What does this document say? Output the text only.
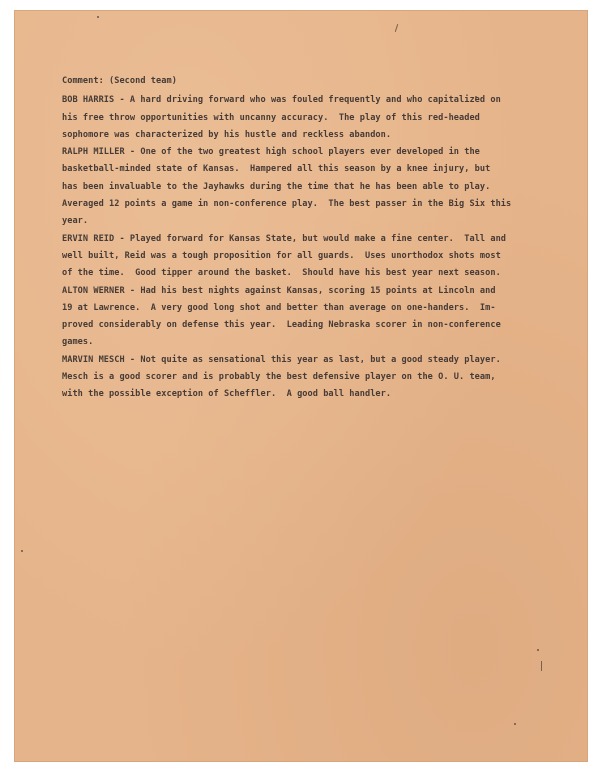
Comment: (Second team)
BOB HARRIS - A hard driving forward who was fouled frequently and who capitalized on
his free throw opportunities with uncanny accuracy.  The play of this red-headed
sophomore was characterized by his hustle and reckless abandon.
RALPH MILLER - One of the two greatest high school players ever developed in the
basketball-minded state of Kansas.  Hampered all this season by a knee injury, but
has been invaluable to the Jayhawks during the time that he has been able to play.
Averaged 12 points a game in non-conference play.  The best passer in the Big Six this
year.
ERVIN REID - Played forward for Kansas State, but would make a fine center.  Tall and
well built, Reid was a tough proposition for all guards.  Uses unorthodox shots most
of the time.  Good tipper around the basket.  Should have his best year next season.
ALTON WERNER - Had his best nights against Kansas, scoring 15 points at Lincoln and
19 at Lawrence.  A very good long shot and better than average on one-handers.  Im-
proved considerably on defense this year.  Leading Nebraska scorer in non-conference
games.
MARVIN MESCH - Not quite as sensational this year as last, but a good steady player.
Mesch is a good scorer and is probably the best defensive player on the O. U. team,
with the possible exception of Scheffler.  A good ball handler.
